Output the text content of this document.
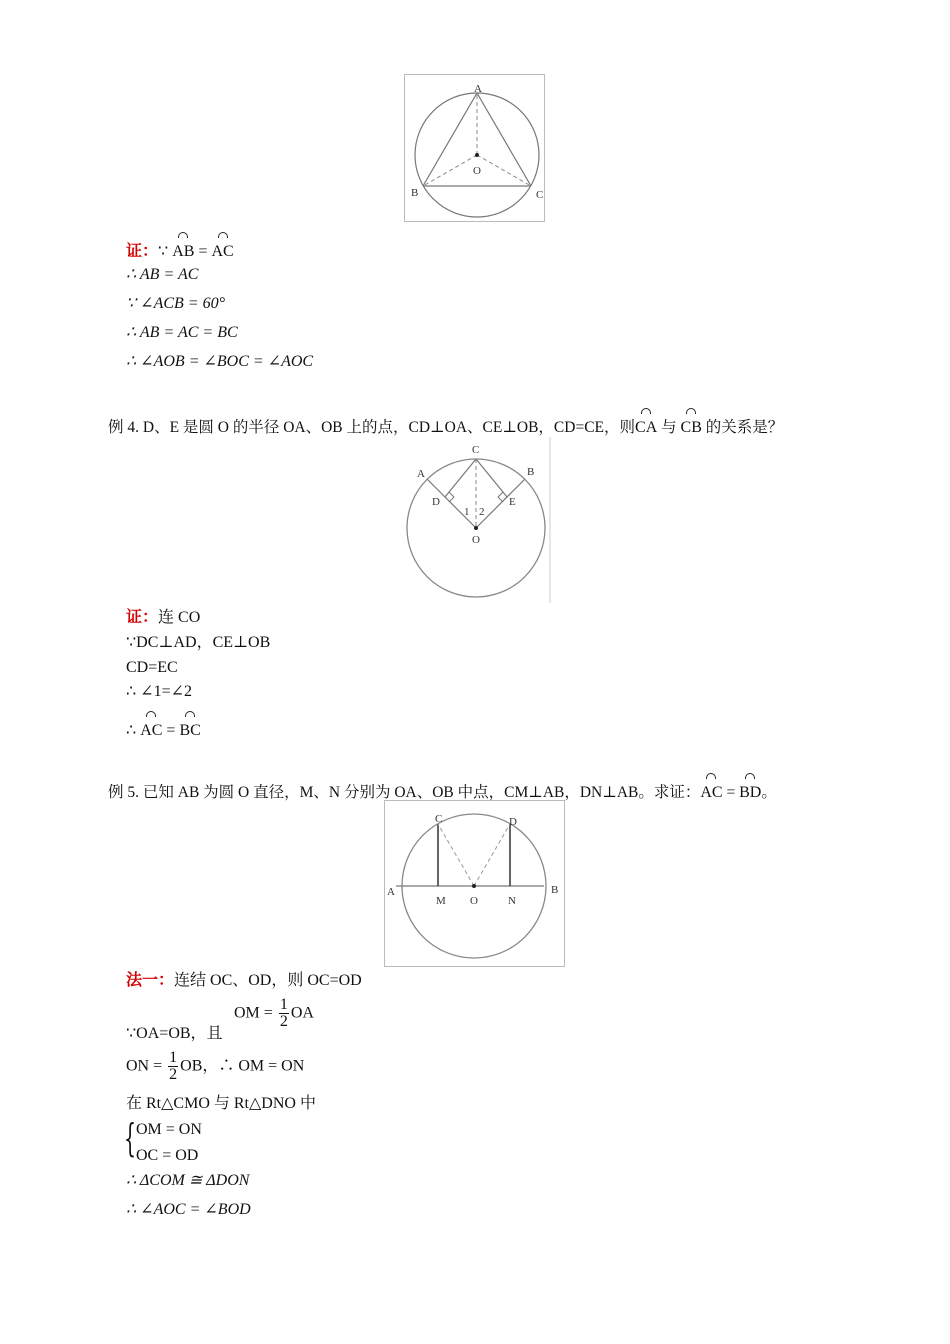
A
B	C
O
证：∵ AB = AC
∴ AB = AC
∵ ∠ACB = 60°
∴ AB = AC = BC
∴ ∠AOB = ∠BOC = ∠AOC
例 4. D、E 是圆 O 的半径 OA、OB 上的点，CD⊥OA、CE⊥OB，CD=CE，则CA 与 CB 的关系是？
C
A	B
D	E
1 2
O
证：连 CO
∵DC⊥AD，CE⊥OB
CD=EC
∴ ∠1=∠2
∴ AC = BC
例 5. 已知 AB 为圆 O 直径，M、N 分别为 OA、OB 中点，CM⊥AB，DN⊥AB。求证：AC = BD。
C	D
A	B
M O	N
法一：连结 OC、OD，则 OC=OD
OM = $\frac{1}{2}$ OA
∵OA=OB，且
ON = $\frac{1}{2}$ OB，∴ OM = ON
在 Rt△CMO 与 Rt△DNO 中
{ OM = ON
OC = OD
∴ ΔCOM ≅ ΔDON
∴ ∠AOC = ∠BOD
